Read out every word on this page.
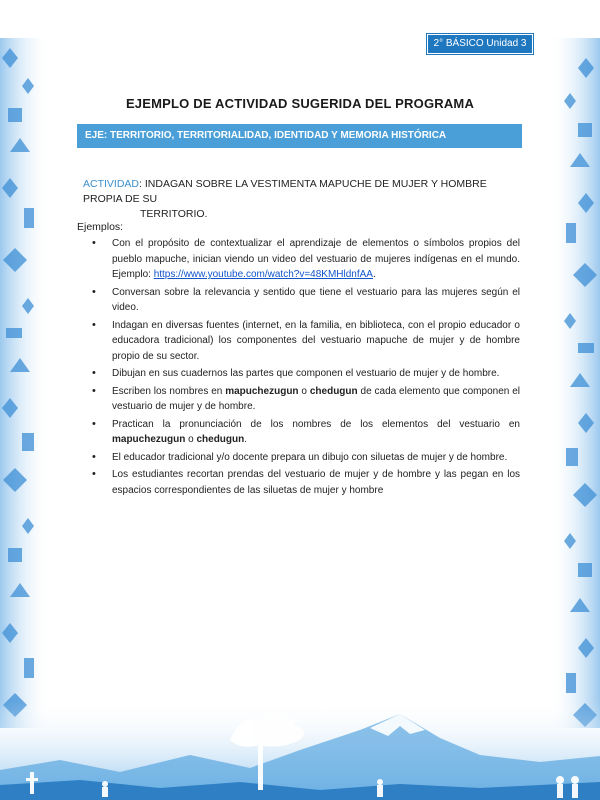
2° BÁSICO Unidad 3
EJEMPLO DE ACTIVIDAD SUGERIDA DEL PROGRAMA
EJE: TERRITORIO, TERRITORIALIDAD, IDENTIDAD Y MEMORIA HISTÓRICA
ACTIVIDAD: INDAGAN SOBRE LA VESTIMENTA MAPUCHE DE MUJER Y HOMBRE PROPIA DE SU
TERRITORIO.
Ejemplos:
• Con el propósito de contextualizar el aprendizaje de elementos o símbolos propios del pueblo mapuche, inician viendo un video del vestuario de mujeres indígenas en el mundo. Ejemplo: https://www.youtube.com/watch?v=48KMHldnfAA.
• Conversan sobre la relevancia y sentido que tiene el vestuario para las mujeres según el video.
• Indagan en diversas fuentes (internet, en la familia, en biblioteca, con el propio educador o educadora tradicional) los componentes del vestuario mapuche de mujer y de hombre propio de su sector.
• Dibujan en sus cuadernos las partes que componen el vestuario de mujer y de hombre.
• Escriben los nombres en mapuchezugun o chedugun de cada elemento que componen el vestuario de mujer y de hombre.
• Practican la pronunciación de los nombres de los elementos del vestuario en mapuchezugun o chedugun.
• El educador tradicional y/o docente prepara un dibujo con siluetas de mujer y de hombre.
• Los estudiantes recortan prendas del vestuario de mujer y de hombre y las pegan en los espacios correspondientes de las siluetas de mujer y hombre
